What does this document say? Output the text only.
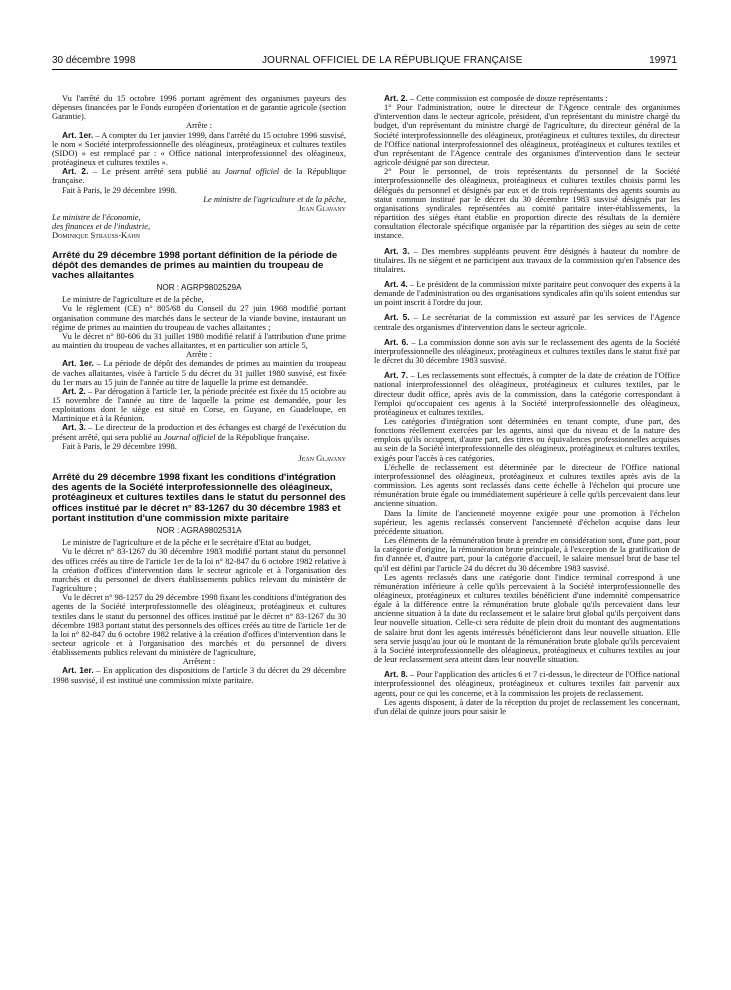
30 décembre 1998	JOURNAL OFFICIEL DE LA RÉPUBLIQUE FRANÇAISE	19971

Vu l'arrêté du 15 octobre 1996 portant agrément des organismes payeurs des dépenses financées par le Fonds européen d'orientation et de garantie agricole (section Garantie).

Arrête :

Art. 1er. – A compter du 1er janvier 1999, dans l'arrêté du 15 octobre 1996 susvisé, le nom « Société interprofessionnelle des oléagineux, protéagineux et cultures textiles (SIDO) » est remplacé par : « Office national interprofessionnel des oléagineux, protéagineux et cultures textiles ».

Art. 2. – Le présent arrêté sera publié au Journal officiel de la République française.

Fait à Paris, le 29 décembre 1998.

Le ministre de l'agriculture et de la pêche,

Jean Glavany

Le ministre de l'économie,

des finances et de l'industrie,

Dominique Strauss-Kahn

Arrêté du 29 décembre 1998 portant définition de la période de dépôt des demandes de primes au maintien du troupeau de vaches allaitantes

NOR : AGRP9802529A

Le ministre de l'agriculture et de la pêche,

Vu le règlement (CE) n° 805/68 du Conseil du 27 juin 1968 modifié portant organisation commune des marchés dans le secteur de la viande bovine, instaurant un régime de primes au maintien du troupeau de vaches allaitantes ;

Vu le décret n° 80-606 du 31 juillet 1980 modifié relatif à l'attribution d'une prime au maintien du troupeau de vaches allaitantes, et en particulier son article 5,

Arrête :

Art. 1er. – La période de dépôt des demandes de primes au maintien du troupeau de vaches allaitantes, visée à l'article 5 du décret du 31 juillet 1980 susvisé, est fixée du 1er mars au 15 juin de l'année au titre de laquelle la prime est demandée.

Art. 2. – Par dérogation à l'article 1er, la période précitée est fixée du 15 octobre au 15 novembre de l'année au titre de laquelle la prime est demandée, pour les exploitations dont le siège est situé en Corse, en Guyane, en Guadeloupe, en Martinique et à la Réunion.

Art. 3. – Le directeur de la production et des échanges est chargé de l'exécution du présent arrêté, qui sera publié au Journal officiel de la République française.

Fait à Paris, le 29 décembre 1998.

Jean Glavany

Arrêté du 29 décembre 1998 fixant les conditions d'intégration des agents de la Société interprofessionnelle des oléagineux, protéagineux et cultures textiles dans le statut du personnel des offices institué par le décret n° 83-1267 du 30 décembre 1983 et portant institution d'une commission mixte paritaire

NOR : AGRA9802531A

Le ministre de l'agriculture et de la pêche et le secrétaire d'Etat au budget,

Vu le décret n° 83-1267 du 30 décembre 1983 modifié portant statut du personnel des offices créés au titre de l'article 1er de la loi n° 82-847 du 6 octobre 1982 relative à la création d'offices d'intervention dans le secteur agricole et à l'organisation des marchés et du personnel de divers établissements publics relevant du ministère de l'agriculture ;

Vu le décret n° 98-1257 du 29 décembre 1998 fixant les conditions d'intégration des agents de la Société interprofessionnelle des oléagineux, protéagineux et cultures textiles dans le statut du personnel des offices institué par le décret n° 83-1267 du 30 décembre 1983 portant statut des personnels des offices créés au titre de l'article 1er de la loi n° 82-847 du 6 octobre 1982 relative à la création d'offices d'intervention dans le secteur agricole et à l'organisation des marchés et du personnel de divers établissements publics relevant du ministère de l'agriculture,

Arrêtent :

Art. 1er. – En application des dispositions de l'article 3 du décret du 29 décembre 1998 susvisé, il est institué une commission mixte paritaire.

Art. 2. – Cette commission est composée de douze représentants :

1° Pour l'administration, outre le directeur de l'Agence centrale des organismes d'intervention dans le secteur agricole, président, d'un représentant du ministre chargé du budget, d'un représentant du ministre chargé de l'agriculture, du directeur général de la Société interprofessionnelle des oléagineux, protéagineux et cultures textiles, du directeur de l'Office national interprofessionnel des oléagineux, protéagineux et cultures textiles et d'un représentant de l'Agence centrale des organismes d'intervention dans le secteur agricole désigné par son directeur.

2° Pour le personnel, de trois représentants du personnel de la Société interprofessionnelle des oléagineux, protéagineux et cultures textiles choisis parmi les délégués du personnel et désignés par eux et de trois représentants des agents soumis au statut commun institué par le décret du 30 décembre 1983 susvisé désignés par les organisations syndicales représentées au comité paritaire inter-établissements, la répartition des sièges étant établie en proportion directe des résultats de la dernière consultation électorale spécifique organisée par la répartition des sièges au sein de cette instance.

Art. 3. – Des membres suppléants peuvent être désignés à hauteur du nombre de titulaires. Ils ne siègent et ne participent aux travaux de la commission qu'en l'absence des titulaires.

Art. 4. – Le président de la commission mixte paritaire peut convoquer des experts à la demande de l'administration ou des organisations syndicales afin qu'ils soient entendus sur un point inscrit à l'ordre du jour.

Art. 5. – Le secrétariat de la commission est assuré par les services de l'Agence centrale des organismes d'intervention dans le secteur agricole.

Art. 6. – La commission donne son avis sur le reclassement des agents de la Société interprofessionnelle des oléagineux, protéagineux et cultures textiles dans le statut fixé par le décret du 30 décembre 1983 susvisé.

Art. 7. – Les reclassements sont effectués, à compter de la date de création de l'Office national interprofessionnel des oléagineux, protéagineux et cultures textiles, par le directeur dudit office, après avis de la commission, dans la catégorie correspondant à l'emploi qu'occupaient ces agents à la Société interprofessionnelle des oléagineux, protéagineux et cultures textiles.

Les catégories d'intégration sont déterminées en tenant compte, d'une part, des fonctions réellement exercées par les agents, ainsi que du niveau et de la nature des emplois qu'ils occupent, d'autre part, des titres ou équivalences professionnelles acquises au sein de la Société interprofessionnelle des oléagineux, protéagineux et cultures textiles, exigés pour l'accès à ces catégories.

L'échelle de reclassement est déterminée par le directeur de l'Office national interprofessionnel des oléagineux, protéagineux et cultures textiles après avis de la commission. Les agents sont reclassés dans cette échelle à l'échelon qui procure une rémunération brute égale ou immédiatement supérieure à celle qu'ils percevaient dans leur ancienne situation.

Dans la limite de l'ancienneté moyenne exigée pour une promotion à l'échelon supérieur, les agents reclassés conservent l'ancienneté d'échelon acquise dans leur précédente situation.

Les éléments de la rémunération brute à prendre en considération sont, d'une part, pour la catégorie d'origine, la rémunération brute principale, à l'exception de la gratification de fin d'année et, d'autre part, pour la catégorie d'accueil, le salaire mensuel brut de base tel qu'il est défini par l'article 24 du décret du 30 décembre 1983 susvisé.

Les agents reclassés dans une catégorie dont l'indice terminal correspond à une rémunération inférieure à celle qu'ils percevaient à la Société interprofessionnelle des oléagineux, protéagineux et cultures textiles bénéficient d'une indemnité compensatrice égale à la différence entre la rémunération brute globale qu'ils percevaient dans leur ancienne situation à la date du reclassement et le salaire brut global qu'ils perçoivent dans leur nouvelle situation. Celle-ci sera réduite de plein droit du montant des augmentations de salaire brut dont les agents intéressés bénéficieront dans leur nouvelle situation. Elle sera servie jusqu'au jour où le montant de la rémunération brute globale qu'ils percevaient à la Société interprofessionnelle des oléagineux, protéagineux et cultures textiles au jour de leur reclassement sera atteint dans leur nouvelle situation.

Art. 8. – Pour l'application des articles 6 et 7 ci-dessus, le directeur de l'Office national interprofessionnel des oléagineux, protéagineux et cultures textiles fait parvenir aux agents, pour ce qui les concerne, et à la commission les projets de reclassement.

Les agents disposent, à dater de la réception du projet de reclassement les concernant, d'un délai de quinze jours pour saisir le
